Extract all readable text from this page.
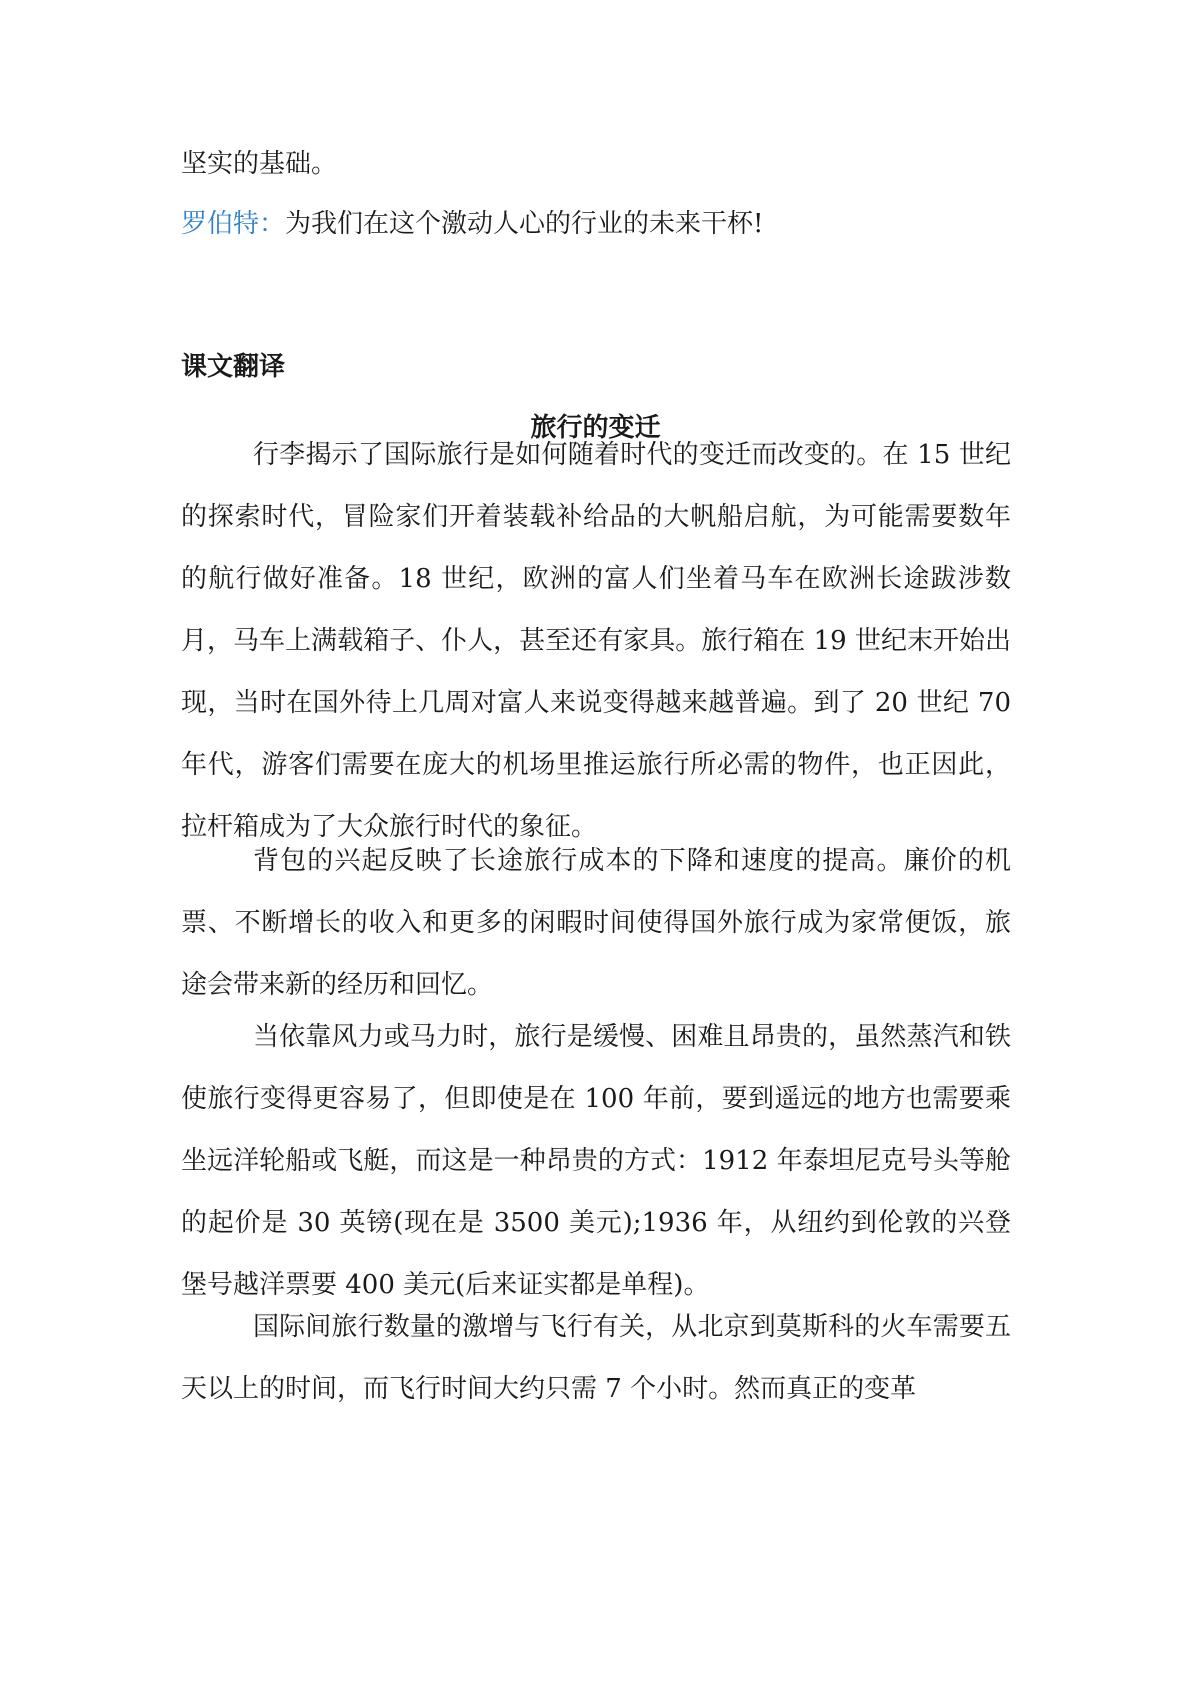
坚实的基础。
罗伯特：为我们在这个激动人心的行业的未来干杯!
课文翻译
旅行的变迁
行李揭示了国际旅行是如何随着时代的变迁而改变的。在 15 世纪的探索时代，冒险家们开着装载补给品的大帆船启航，为可能需要数年的航行做好准备。18 世纪，欧洲的富人们坐着马车在欧洲长途跋涉数月，马车上满载箱子、仆人，甚至还有家具。旅行箱在 19 世纪末开始出现，当时在国外待上几周对富人来说变得越来越普遍。到了 20 世纪 70 年代，游客们需要在庞大的机场里推运旅行所必需的物件，也正因此，拉杆箱成为了大众旅行时代的象征。
背包的兴起反映了长途旅行成本的下降和速度的提高。廉价的机票、不断增长的收入和更多的闲暇时间使得国外旅行成为家常便饭，旅途会带来新的经历和回忆。
当依靠风力或马力时，旅行是缓慢、困难且昂贵的，虽然蒸汽和铁使旅行变得更容易了，但即使是在 100 年前，要到遥远的地方也需要乘坐远洋轮船或飞艇，而这是一种昂贵的方式：1912 年泰坦尼克号头等舱的起价是 30 英镑(现在是 3500 美元);1936 年，从纽约到伦敦的兴登堡号越洋票要 400 美元(后来证实都是单程)。
国际间旅行数量的激增与飞行有关，从北京到莫斯科的火车需要五天以上的时间，而飞行时间大约只需 7 个小时。然而真正的变革
